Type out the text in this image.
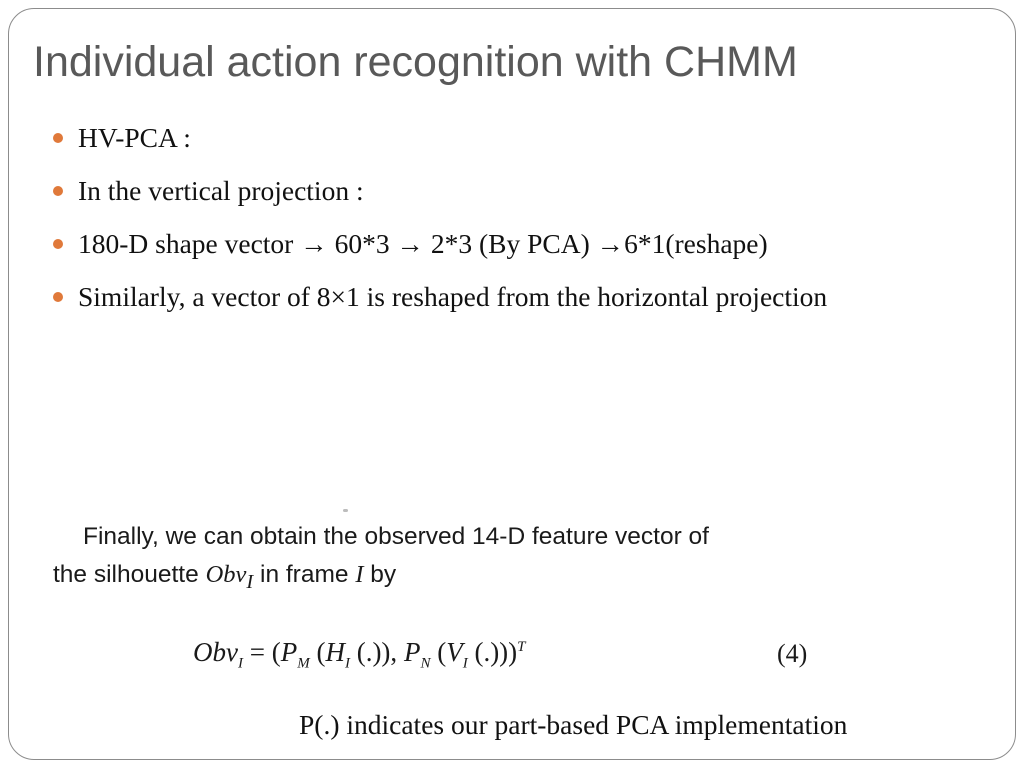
Individual action recognition with CHMM
HV-PCA :
In the vertical projection :
180-D shape vector → 60*3 → 2*3 (By PCA) →6*1(reshape)
Similarly, a vector of 8×1 is reshaped from the horizontal projection
Finally, we can obtain the observed 14-D feature vector of
the silhouette Obv$_I$ in frame I by
$Obv_I = (P_M$ ($H_I$ (.)), $P_N$ ($V_I$ (.)))$^T$	(4)

P(.) indicates our part-based PCA implementation
